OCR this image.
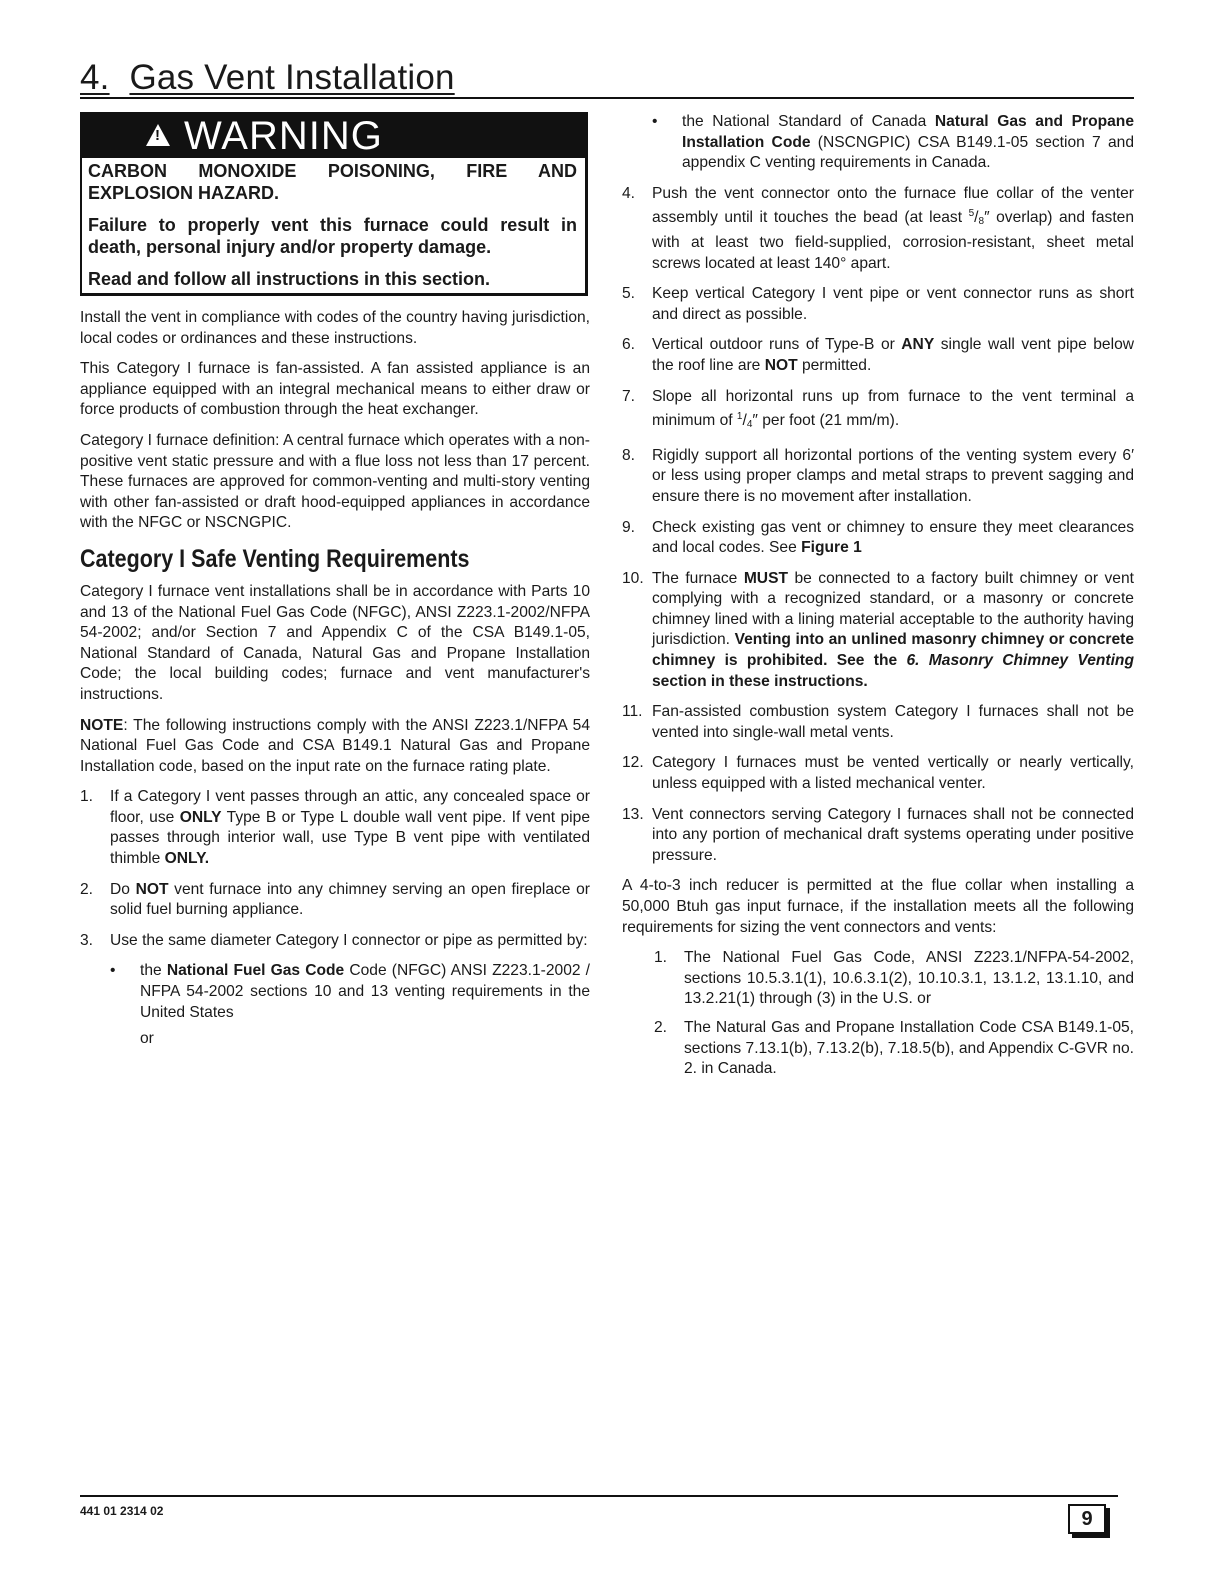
4. Gas Vent Installation
!
WARNING

CARBON MONOXIDE POISONING, FIRE AND EXPLOSION HAZARD.

Failure to properly vent this furnace could result in death, personal injury and/or property damage.

Read and follow all instructions in this section.

Install the vent in compliance with codes of the country having jurisdiction, local codes or ordinances and these instructions.

This Category I furnace is fan-assisted. A fan assisted appliance is an appliance equipped with an integral mechanical means to either draw or force products of combustion through the heat exchanger.

Category I furnace definition: A central furnace which operates with a non-positive vent static pressure and with a flue loss not less than 17 percent. These furnaces are approved for common-venting and multi-story venting with other fan-assisted or draft hood-equipped appliances in accordance with the NFGC or NSCNGPIC.

Category I Safe Venting Requirements

Category I furnace vent installations shall be in accordance with Parts 10 and 13 of the National Fuel Gas Code (NFGC), ANSI Z223.1-2002/NFPA 54-2002; and/or Section 7 and Appendix C of the CSA B149.1-05, National Standard of Canada, Natural Gas and Propane Installation Code; the local building codes; furnace and vent manufacturer's instructions.

NOTE: The following instructions comply with the ANSI Z223.1/NFPA 54 National Fuel Gas Code and CSA B149.1 Natural Gas and Propane Installation code, based on the input rate on the furnace rating plate.

1. If a Category I vent passes through an attic, any concealed space or floor, use ONLY Type B or Type L double wall vent pipe. If vent pipe passes through interior wall, use Type B vent pipe with ventilated thimble ONLY.
2. Do NOT vent furnace into any chimney serving an open fireplace or solid fuel burning appliance.
3. Use the same diameter Category I connector or pipe as permitted by:
• the National Fuel Gas Code Code (NFGC) ANSI Z223.1-2002 / NFPA 54-2002 sections 10 and 13 venting requirements in the United States
or
• the National Standard of Canada Natural Gas and Propane Installation Code (NSCNGPIC) CSA B149.1-05 section 7 and appendix C venting requirements in Canada.
4. Push the vent connector onto the furnace flue collar of the venter assembly until it touches the bead (at least $^5/_8''$ overlap) and fasten with at least two field-supplied, corrosion-resistant, sheet metal screws located at least 140° apart.
5. Keep vertical Category I vent pipe or vent connector runs as short and direct as possible.
6. Vertical outdoor runs of Type-B or ANY single wall vent pipe below the roof line are NOT permitted.
7. Slope all horizontal runs up from furnace to the vent terminal a minimum of $^1/_4''$ per foot (21 mm/m).
8. Rigidly support all horizontal portions of the venting system every 6′ or less using proper clamps and metal straps to prevent sagging and ensure there is no movement after installation.
9. Check existing gas vent or chimney to ensure they meet clearances and local codes. See Figure 1
10. The furnace MUST be connected to a factory built chimney or vent complying with a recognized standard, or a masonry or concrete chimney lined with a lining material acceptable to the authority having jurisdiction. Venting into an unlined masonry chimney or concrete chimney is prohibited. See the 6. Masonry Chimney Venting section in these instructions.
11. Fan-assisted combustion system Category I furnaces shall not be vented into single-wall metal vents.
12. Category I furnaces must be vented vertically or nearly vertically, unless equipped with a listed mechanical venter.
13. Vent connectors serving Category I furnaces shall not be connected into any portion of mechanical draft systems operating under positive pressure.

A 4-to-3 inch reducer is permitted at the flue collar when installing a 50,000 Btuh gas input furnace, if the installation meets all the following requirements for sizing the vent connectors and vents:

1. The National Fuel Gas Code, ANSI Z223.1/NFPA-54-2002, sections 10.5.3.1(1), 10.6.3.1(2), 10.10.3.1, 13.1.2, 13.1.10, and 13.2.21(1) through (3) in the U.S. or
2. The Natural Gas and Propane Installation Code CSA B149.1-05, sections 7.13.1(b), 7.13.2(b), 7.18.5(b), and Appendix C-GVR no. 2. in Canada.
441 01 2314 02	9
